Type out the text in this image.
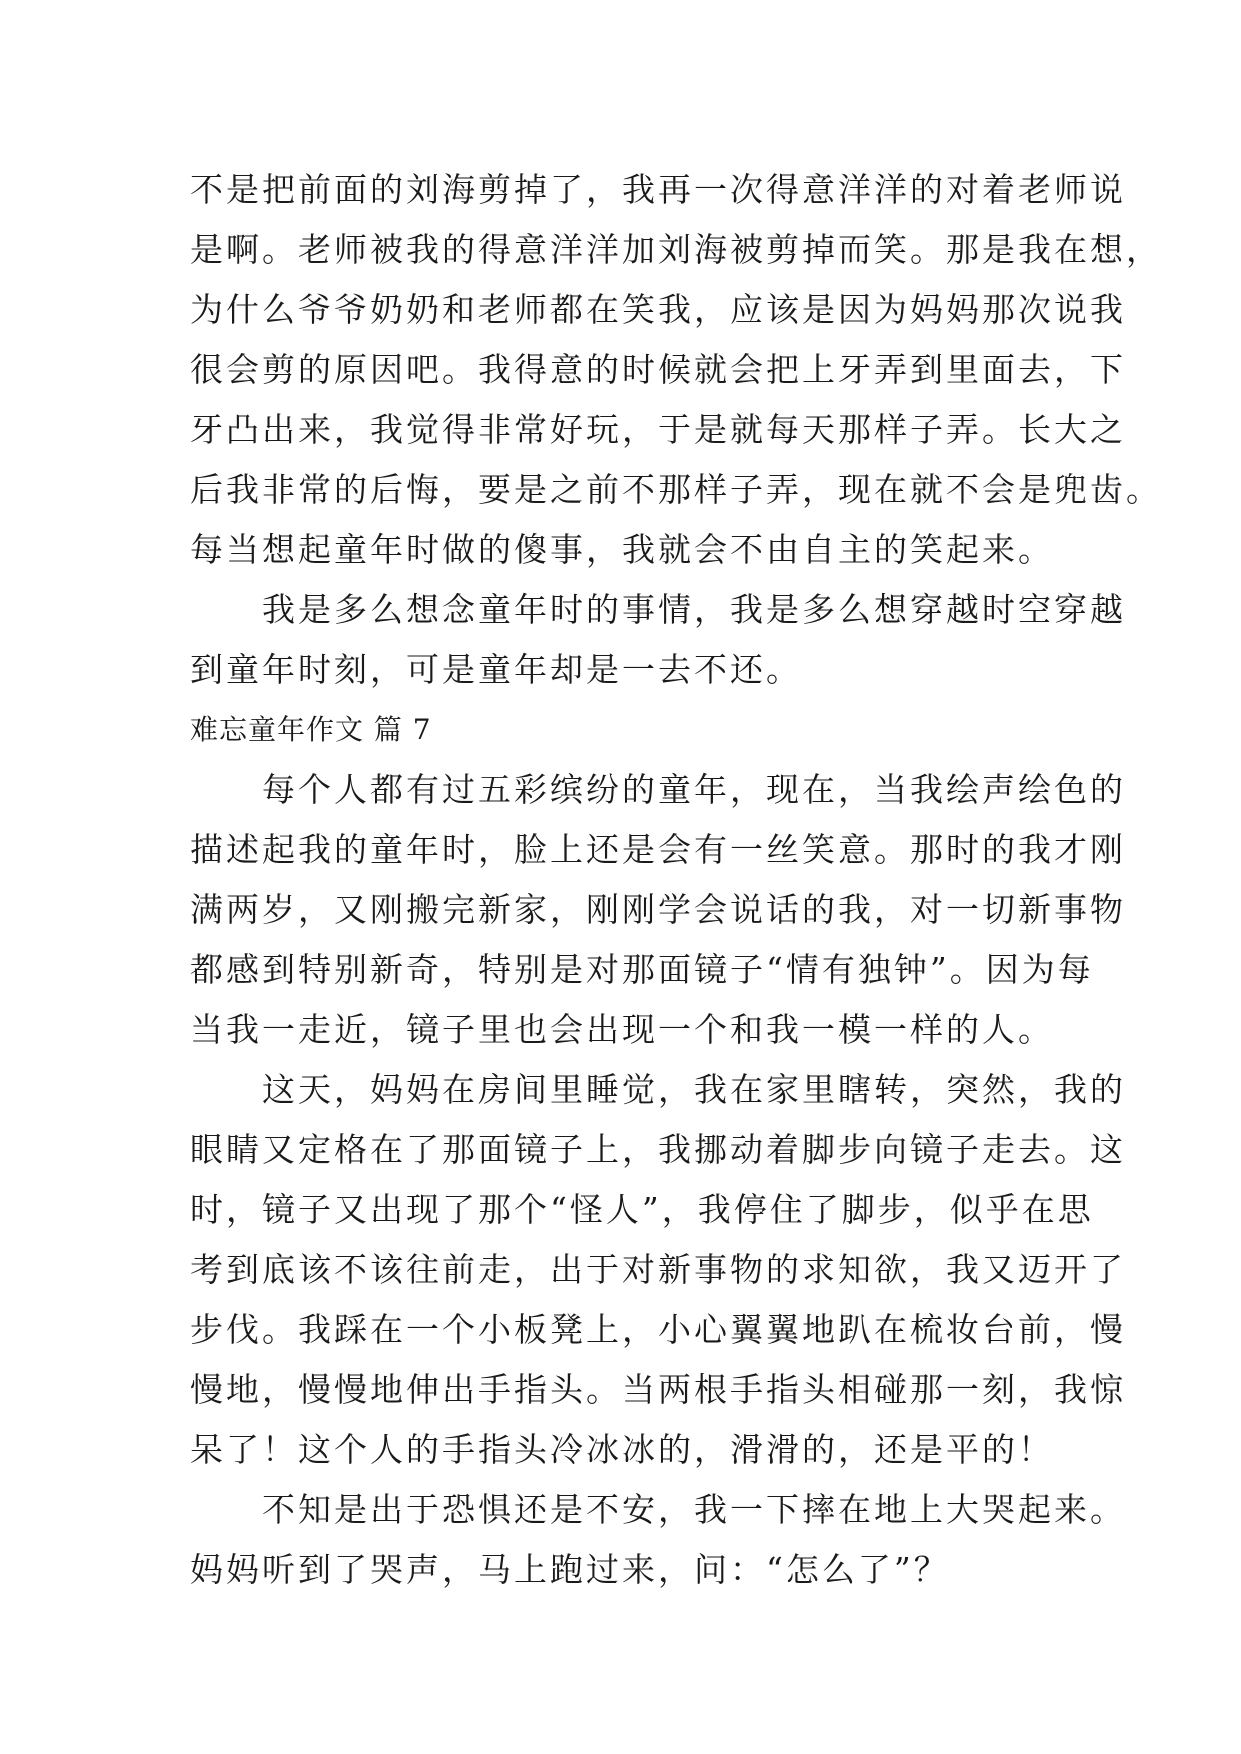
不是把前面的刘海剪掉了，我再一次得意洋洋的对着老师说
是啊。老师被我的得意洋洋加刘海被剪掉而笑。那是我在想，
为什么爷爷奶奶和老师都在笑我，应该是因为妈妈那次说我
很会剪的原因吧。我得意的时候就会把上牙弄到里面去，下
牙凸出来，我觉得非常好玩，于是就每天那样子弄。长大之
后我非常的后悔，要是之前不那样子弄，现在就不会是兜齿。
每当想起童年时做的傻事，我就会不由自主的笑起来。
　　我是多么想念童年时的事情，我是多么想穿越时空穿越
到童年时刻，可是童年却是一去不还。
难忘童年作文 篇 7
　　每个人都有过五彩缤纷的童年，现在，当我绘声绘色的
描述起我的童年时，脸上还是会有一丝笑意。那时的我才刚
满两岁，又刚搬完新家，刚刚学会说话的我，对一切新事物
都感到特别新奇，特别是对那面镜子“情有独钟”。因为每
当我一走近，镜子里也会出现一个和我一模一样的人。
　　这天，妈妈在房间里睡觉，我在家里瞎转，突然，我的
眼睛又定格在了那面镜子上，我挪动着脚步向镜子走去。这
时，镜子又出现了那个“怪人”，我停住了脚步，似乎在思
考到底该不该往前走，出于对新事物的求知欲，我又迈开了
步伐。我踩在一个小板凳上，小心翼翼地趴在梳妆台前，慢
慢地，慢慢地伸出手指头。当两根手指头相碰那一刻，我惊
呆了！这个人的手指头冷冰冰的，滑滑的，还是平的！
　　不知是出于恐惧还是不安，我一下摔在地上大哭起来。
妈妈听到了哭声，马上跑过来，问：“怎么了”？
